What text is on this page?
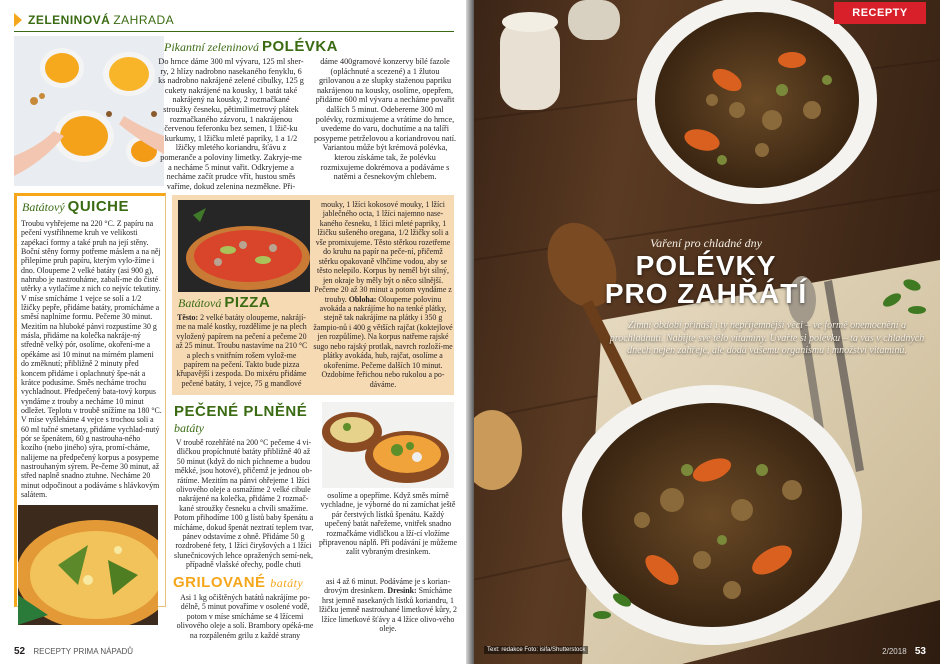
ZELENINOVÁ ZAHRADA
Pikantní zeleninová POLÉVKA

Do hrnce dáme 300 ml vývaru, 125 ml sher-ry, 2 hlízy nadrobno nasekaného fenyklu, 6 ks nadrobno nakrájené zelené cibulky, 125 g cukety nakrájené na kousky, 1 batát také nakrájený na kousky, 2 rozmačkané stroužky česneku, pětimilimetrový plátek rozmačkaného zázvoru, 1 nakrájenou červenou feferonku bez semen, 1 lžič-ku kurkumy, 1 lžičku mleté papriky, 1 a 1/2 lžičky mletého koriandru, šťávu z pomeranče a poloviny limetky. Zakryje-me a necháme 5 minut vařit. Odkryjeme a necháme začít prudce vřít, hustou směs vaříme, dokud zelenina nezměkne. Při-

dáme 400gramové konzervy bílé fazole (opláchnuté a scezené) a 1 žlutou grilovanou a ze slupky staženou papriku nakrájenou na kousky, osolíme, opepřem, přidáme 600 ml vývaru a necháme povařit dalších 5 minut. Odebereme 300 ml polévky, rozmixujeme a vrátíme do hrnce, uvedeme do varu, dochutíme a na talíři posypeme petrželovou a koriandrovou natí. Variantou může být krémová polévka, kterou získáme tak, že polévku rozmixujeme dokrémova a podáváme s natěmi a česnekovým chlebem.

Batátový QUICHE

Troubu vyhřejeme na 220 °C. Z papíru na pečení vystřihneme kruh ve velikosti zapékací formy a také pruh na její stěny. Boční stěny formy potřeme máslem a na něj přilepíme pruh papíru, kterým vylo-žíme i dno. Oloupeme 2 velké batáty (asi 900 g), nahrubo je nastrouháme, zabalí-me do čisté utěrky a vytlačíme z nich co nejvíc tekutiny. V míse smícháme 1 vejce se solí a 1/2 lžičky pepře, přidáme batáty, promícháme a směsí naplníme formu. Pečeme 30 minut. Mezitím na hluboké pánvi rozpustíme 30 g másla, přidáme na kolečka nakráje-ný středně velký pór, osolíme, okoření-me a opékáme asi 10 minut na mírném plameni do změknutí; přibližně 2 minuty před koncem přidáme i oplachnutý špe-nát a krátce podusíme. Směs necháme trochu vychladnout. Předpečený bata-tový korpus vyndáme z trouby a necháme 10 minut odležet. Teplotu v troubě snížíme na 180 °C. V míse vyšleháme 4 vejce s trochou soli a 60 ml tučné smetany, přidáme vychlad-nutý pór se špenátem, 60 g nastrouha-ného kozího (nebo jiného) sýra, promí-cháme, nalijeme na předpečený korpus a posypeme nastrouhaným sýrem. Pe-čeme 30 minut, až střed naplně snadno ztuhne. Necháme 20 minut odpočinout a podáváme s hlávkovým salátem.

Batátová PIZZA

Těsto: 2 velké batáty oloupeme, nakrájí-me na malé kostky, rozdělíme je na plech vyložený papírem na pečení a pečeme 20 až 25 minut. Troubu nastavíme na 210 °C a plech s vnitřním rošem vylož-me papírem na pečení. Takto bude pizza křupavější i zespoda. Do mixéru přidáme pečené batáty, 1 vejce, 75 g mandlové

mouky, 1 lžíci kokosové mouky, 1 lžíci jablečného octa, 1 lžíci najemno nase-kaného česneku, 1 lžíci mleté papriky, 1 lžičku sušeného oregana, 1/2 lžičky soli a vše promixujeme. Těsto stěrkou rozetřeme do kruhu na papír na peče-ní, přičemž stěrku opakovaně vlhčíme vodou, aby se těsto nelepilo. Korpus by neměl být silný, jen okraje by měly být o něco silnější. Pečeme 20 až 30 minut a potom vyndáme z trouby. Obloha: Oloupeme polovinu avokáda a nakrájíme ho na tenké plátky, stejně tak nakrájíme na plátky i 350 g žampio-nů i 400 g větších rajčat (koktejlové jen rozpůlíme). Na korpus natřeme rajské sugo nebo rajský protlak, navrch rozloží-me plátky avokáda, hub, rajčat, osolíme a okořeníme. Pečeme dalších 10 minut. Ozdobíme řeřichou nebo rukolou a po-dáváme.

PEČENÉ PLNĚNÉ
batáty

V troubě rozehřáté na 200 °C pečeme 4 vi-dličkou propíchnuté batáty přibližně 40 až 50 minut (když do nich píchneme a budou měkké, jsou hotové), přičemž je jednou ob-rátíme. Mezitím na pánvi ohřejeme 1 lžíci olivového oleje a osmažíme 2 velké cibule nakrájené na kolečka, přidáme 2 rozmač-kané stroužky česneku a chvíli smažíme. Potom přihodíme 100 g lístů baby špenátu a mícháme, dokud špenát neztratí teplem tvar, pánev odstavíme z ohně. Přidáme 50 g rozdrobené fety, 1 lžíci čiryšových a 1 lžíci slunečnicových lehce opražených semí-nek, případně vlašské ořechy, podle chuti

osolíme a opepříme. Když směs mírně vychladne, je výborné do ní zamíchat ještě pár čerstvých lístků špenátu. Každý upečený batát nařežeme, vnitřek snadno rozmačkáme vidličkou a lží-cí vložíme připravenou náplň. Při podávání je můžeme zalít vybraným dresinkem.

GRILOVANÉ batáty

Asi 1 kg očištěných batátů nakrájíme po-délně, 5 minut povaříme v osolené vodě, potom v míse smícháme se 4 lžícemi olivového oleje a solí. Brambory opéká-me na rozpáleném grilu z každé strany

asi 4 až 6 minut. Podáváme je s korian-drovým dresinkem. Dresink: Smícháme hrst jemně nasekaných lístků koriandru, 1 lžičku jemně nastrouhané limetkové kůry, 2 lžíce limetkové šťávy a 4 lžíce olivo-vého oleje.

52 RECEPTY PRIMA NÁPADŮ
RECEPTY
Vaření pro chladné dny
POLÉVKY
PRO ZAHŘÁTÍ

Zimní období přináší i ty nepříjemnější věci – ve formě onemocnění a prochladnutí. Nabijte své tělo vitamíny. Uvařte si polévku – ta vás v chladných dnech nejen zahřeje, ale dodá vašemu organismu i množství vitamínů.

Text: redakce Foto: isifa/Shutterstock	2/2018 53
